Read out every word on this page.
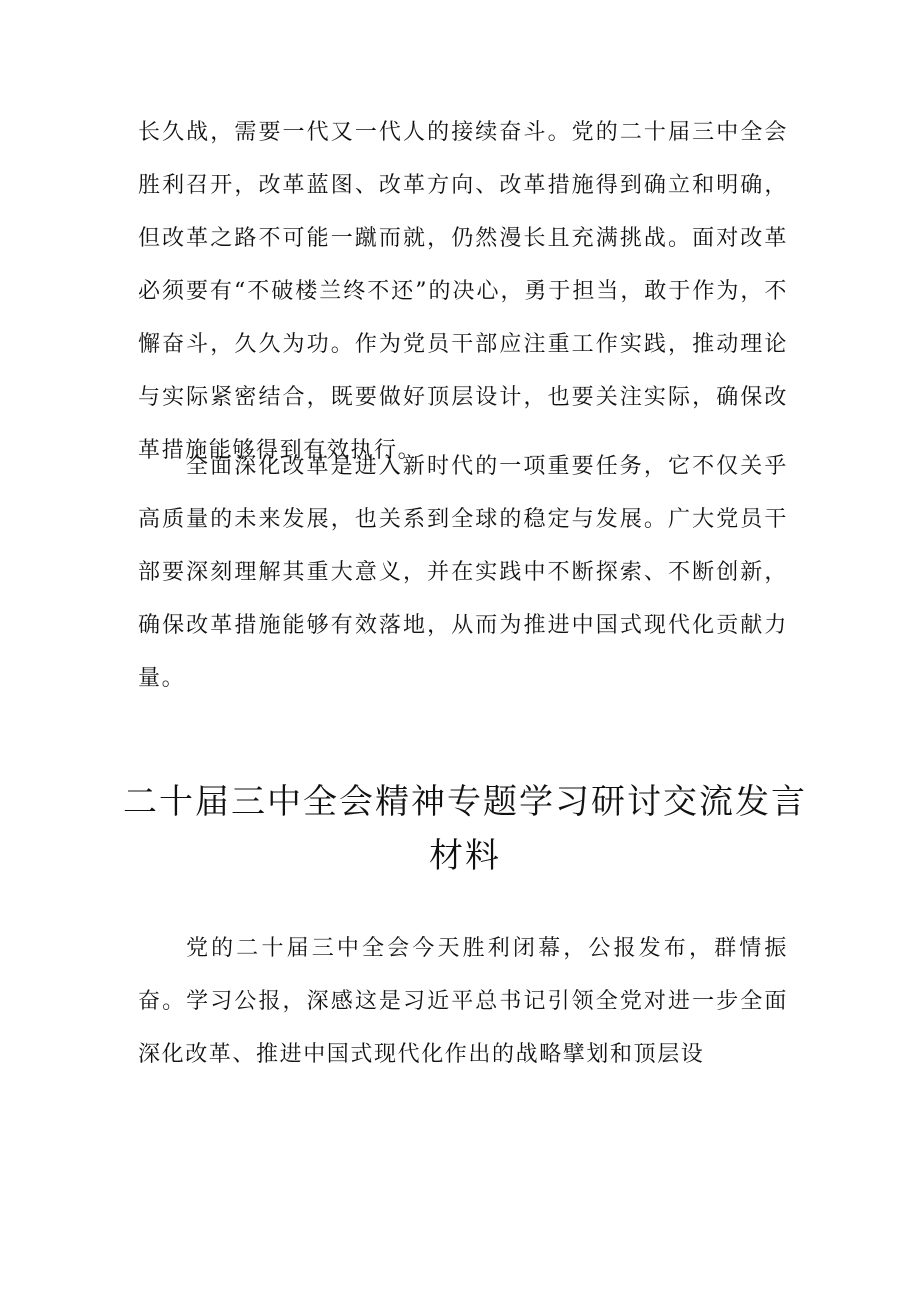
长久战，需要一代又一代人的接续奋斗。党的二十届三中全会胜利召开，改革蓝图、改革方向、改革措施得到确立和明确，但改革之路不可能一蹴而就，仍然漫长且充满挑战。面对改革必须要有“不破楼兰终不还”的决心，勇于担当，敢于作为，不懈奋斗，久久为功。作为党员干部应注重工作实践，推动理论与实际紧密结合，既要做好顶层设计，也要关注实际，确保改革措施能够得到有效执行。

全面深化改革是进入新时代的一项重要任务，它不仅关乎高质量的未来发展，也关系到全球的稳定与发展。广大党员干部要深刻理解其重大意义，并在实践中不断探索、不断创新，确保改革措施能够有效落地，从而为推进中国式现代化贡献力量。

二十届三中全会精神专题学习研讨交流发言材料

党的二十届三中全会今天胜利闭幕，公报发布，群情振奋。学习公报，深感这是习近平总书记引领全党对进一步全面深化改革、推进中国式现代化作出的战略擘划和顶层设
